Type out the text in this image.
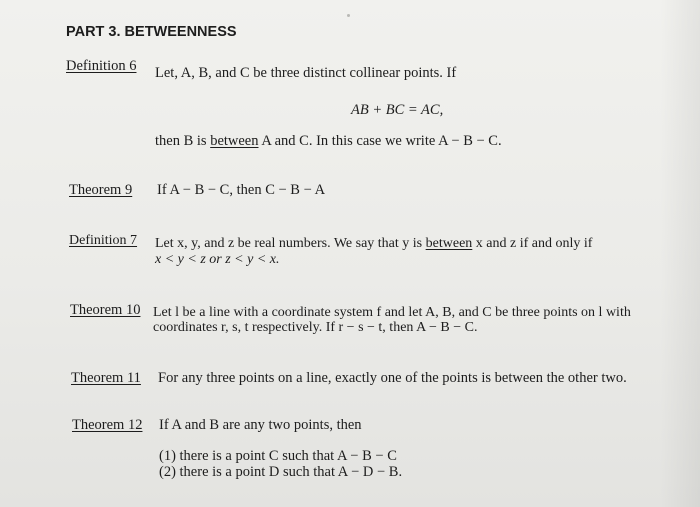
PART 3. BETWEENNESS
Definition 6 Let, A, B, and C be three distinct collinear points. If
AB + BC = AC,
then B is between A and C. In this case we write A − B − C.
Theorem 9 If A − B − C, then C − B − A
Definition 7 Let x, y, and z be real numbers. We say that y is between x and z if and only if
x < y < z or z < y < x.
Theorem 10 Let l be a line with a coordinate system f and let A, B, and C be three points on l with
coordinates r, s, t respectively. If r − s − t, then A − B − C.
Theorem 11 For any three points on a line, exactly one of the points is between the other two.
Theorem 12 If A and B are any two points, then
(1) there is a point C such that A − B − C
(2) there is a point D such that A − D − B.
